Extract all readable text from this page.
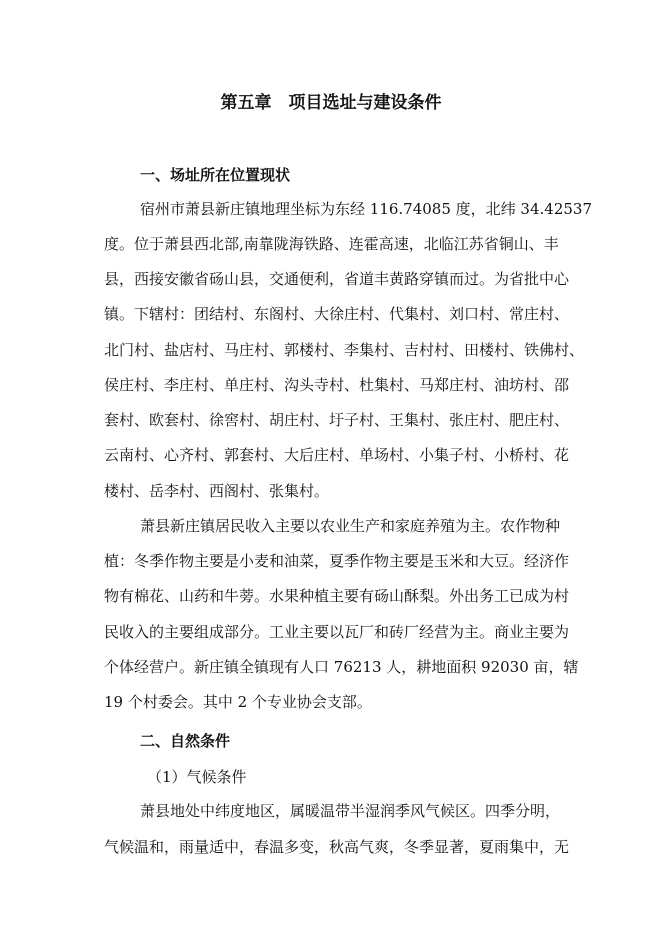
第五章　项目选址与建设条件
一、场址所在位置现状

宿州市萧县新庄镇地理坐标为东经 116.74085 度，北纬 34.42537

度。位于萧县西北部,南靠陇海铁路、连霍高速，北临江苏省铜山、丰

县，西接安徽省砀山县，交通便利，省道丰黄路穿镇而过。为省批中心

镇。下辖村：团结村、东阁村、大徐庄村、代集村、刘口村、常庄村、

北门村、盐店村、马庄村、郭楼村、李集村、吉村村、田楼村、铁佛村、

侯庄村、李庄村、单庄村、沟头寺村、杜集村、马郑庄村、油坊村、邵

套村、欧套村、徐窖村、胡庄村、圩子村、王集村、张庄村、肥庄村、

云南村、心齐村、郭套村、大后庄村、单场村、小集子村、小桥村、花

楼村、岳李村、西阁村、张集村。

萧县新庄镇居民收入主要以农业生产和家庭养殖为主。农作物种

植：冬季作物主要是小麦和油菜，夏季作物主要是玉米和大豆。经济作

物有棉花、山药和牛蒡。水果种植主要有砀山酥梨。外出务工已成为村

民收入的主要组成部分。工业主要以瓦厂和砖厂经营为主。商业主要为

个体经营户。新庄镇全镇现有人口 76213 人，耕地面积 92030 亩，辖

19 个村委会。其中 2 个专业协会支部。

二、自然条件

（1）气候条件

萧县地处中纬度地区，属暖温带半湿润季风气候区。四季分明，

气候温和，雨量适中，春温多变，秋高气爽，冬季显著，夏雨集中，无
